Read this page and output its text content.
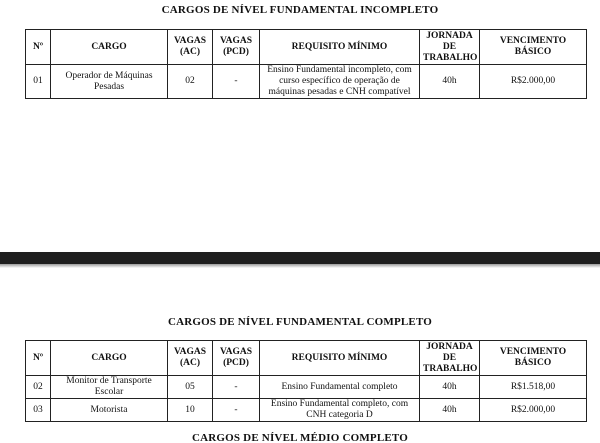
CARGOS DE NÍVEL FUNDAMENTAL INCOMPLETO
Nº	CARGO	VAGAS (AC)	VAGAS (PCD)	REQUISITO MÍNIMO	JORNADA DE TRABALHO	VENCIMENTO BÁSICO
01	Operador de Máquinas Pesadas	02	-	Ensino Fundamental incompleto, com curso específico de operação de máquinas pesadas e CNH compatível	40h	R$2.000,00
CARGOS DE NÍVEL FUNDAMENTAL COMPLETO
Nº	CARGO	VAGAS (AC)	VAGAS (PCD)	REQUISITO MÍNIMO	JORNADA DE TRABALHO	VENCIMENTO BÁSICO
02	Monitor de Transporte Escolar	05	-	Ensino Fundamental completo	40h	R$1.518,00
03	Motorista	10	-	Ensino Fundamental completo, com CNH categoria D	40h	R$2.000,00
CARGOS DE NÍVEL MÉDIO COMPLETO
